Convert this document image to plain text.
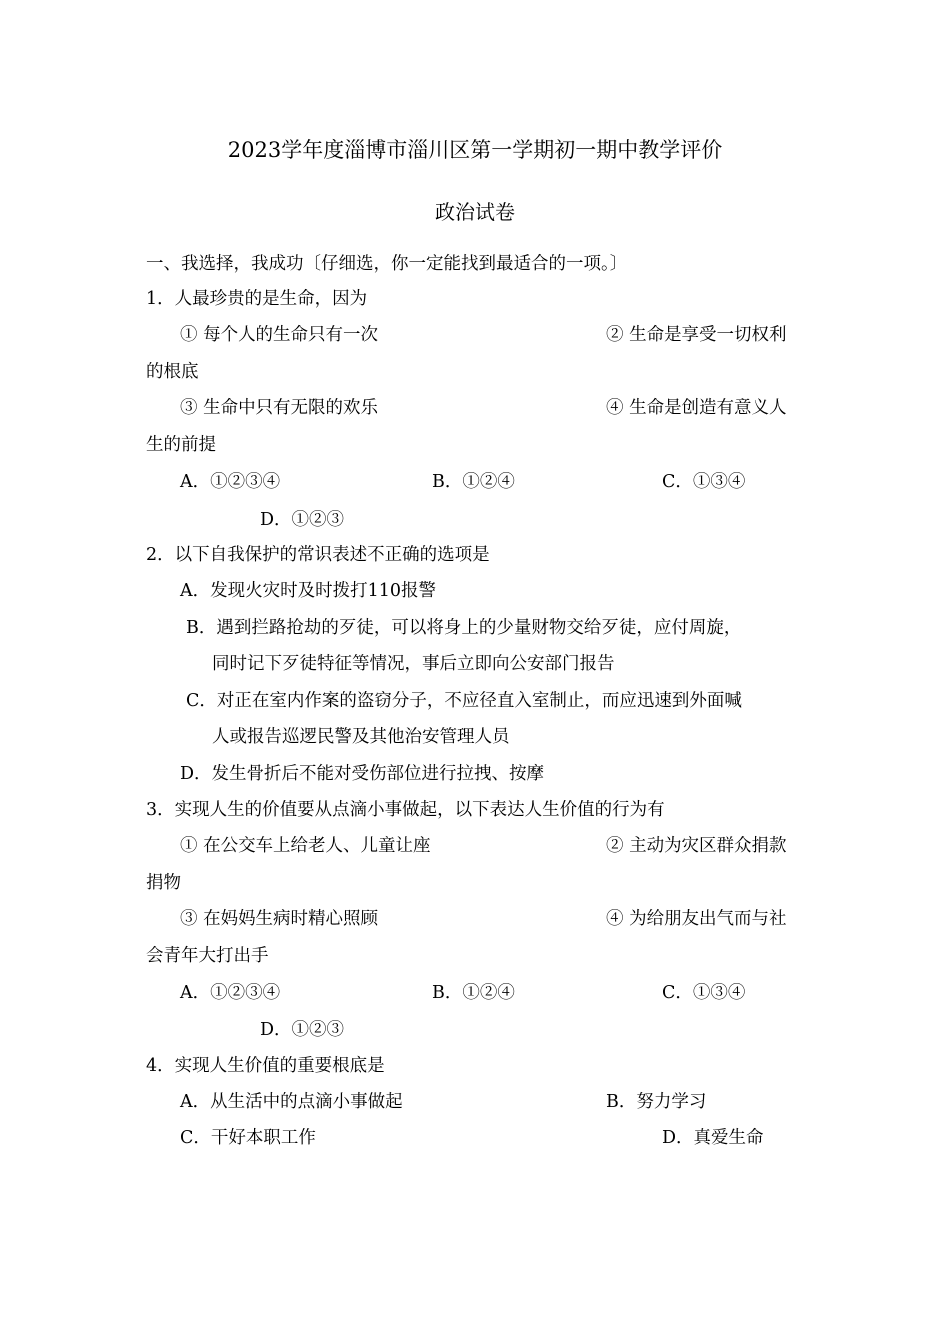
2023学年度淄博市淄川区第一学期初一期中教学评价
政治试卷
一、我选择，我成功〔仔细选，你一定能找到最适合的一项。〕
1．人最珍贵的是生命，因为
① 每个人的生命只有一次	② 生命是享受一切权利
的根底
③ 生命中只有无限的欢乐	④ 生命是创造有意义人
生的前提
A．①②③④	B．①②④	C．①③④
D．①②③
2．以下自我保护的常识表述不正确的选项是
A．发现火灾时及时拨打110报警
B．遇到拦路抢劫的歹徒，可以将身上的少量财物交给歹徒，应付周旋，
同时记下歹徒特征等情况，事后立即向公安部门报告
C．对正在室内作案的盗窃分子，不应径直入室制止，而应迅速到外面喊
人或报告巡逻民警及其他治安管理人员
D．发生骨折后不能对受伤部位进行拉拽、按摩
3．实现人生的价值要从点滴小事做起，以下表达人生价值的行为有
① 在公交车上给老人、儿童让座	② 主动为灾区群众捐款
捐物
③ 在妈妈生病时精心照顾	④ 为给朋友出气而与社
会青年大打出手
A．①②③④	B．①②④	C．①③④
D．①②③
4．实现人生价值的重要根底是
A．从生活中的点滴小事做起	B．努力学习
C．干好本职工作	D．真爱生命
